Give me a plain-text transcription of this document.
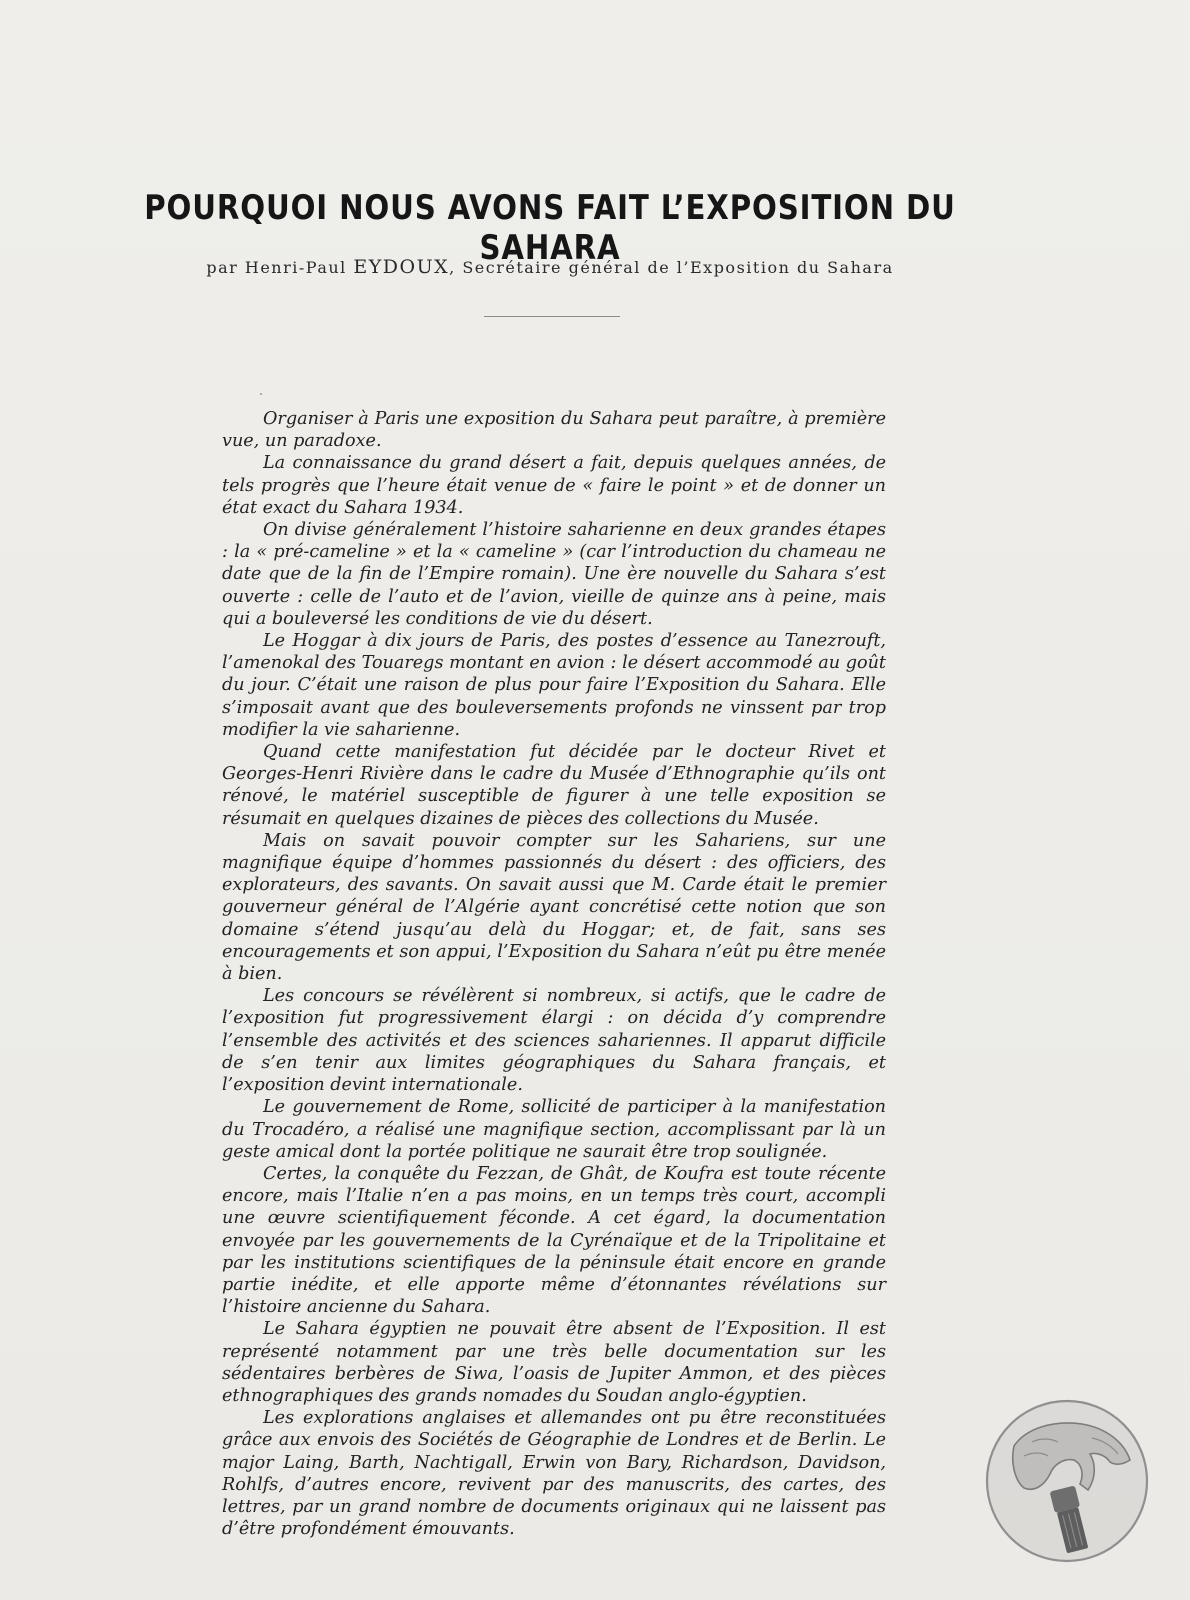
POURQUOI NOUS AVONS FAIT L’EXPOSITION DU SAHARA
par Henri-Paul EYDOUX, Secrétaire général de l’Exposition du Sahara

Organiser à Paris une exposition du Sahara peut paraître, à première vue, un paradoxe.

La connaissance du grand désert a fait, depuis quelques années, de tels progrès que l’heure était venue de « faire le point » et de donner un état exact du Sahara 1934.

On divise généralement l’histoire saharienne en deux grandes étapes : la « pré-cameline » et la « cameline » (car l’introduction du chameau ne date que de la fin de l’Empire romain). Une ère nouvelle du Sahara s’est ouverte : celle de l’auto et de l’avion, vieille de quinze ans à peine, mais qui a bouleversé les conditions de vie du désert.

Le Hoggar à dix jours de Paris, des postes d’essence au Tanezrouft, l’amenokal des Touaregs montant en avion : le désert accommodé au goût du jour. C’était une raison de plus pour faire l’Exposition du Sahara. Elle s’imposait avant que des bouleversements profonds ne vinssent par trop modifier la vie saharienne.

Quand cette manifestation fut décidée par le docteur Rivet et Georges-Henri Rivière dans le cadre du Musée d’Ethnographie qu’ils ont rénové, le matériel susceptible de figurer à une telle exposition se résumait en quelques dizaines de pièces des collections du Musée.

Mais on savait pouvoir compter sur les Sahariens, sur une magnifique équipe d’hommes passionnés du désert : des officiers, des explorateurs, des savants. On savait aussi que M. Carde était le premier gouverneur général de l’Algérie ayant concrétisé cette notion que son domaine s’étend jusqu’au delà du Hoggar; et, de fait, sans ses encouragements et son appui, l’Exposition du Sahara n’eût pu être menée à bien.

Les concours se révélèrent si nombreux, si actifs, que le cadre de l’exposition fut progressivement élargi : on décida d’y comprendre l’ensemble des activités et des sciences sahariennes. Il apparut difficile de s’en tenir aux limites géographiques du Sahara français, et l’exposition devint internationale.

Le gouvernement de Rome, sollicité de participer à la manifestation du Trocadéro, a réalisé une magnifique section, accomplissant par là un geste amical dont la portée politique ne saurait être trop soulignée.

Certes, la conquête du Fezzan, de Ghât, de Koufra est toute récente encore, mais l’Italie n’en a pas moins, en un temps très court, accompli une œuvre scientifiquement féconde. A cet égard, la documentation envoyée par les gouvernements de la Cyrénaïque et de la Tripolitaine et par les institutions scientifiques de la péninsule était encore en grande partie inédite, et elle apporte même d’étonnantes révélations sur l’histoire ancienne du Sahara.

Le Sahara égyptien ne pouvait être absent de l’Exposition. Il est représenté notamment par une très belle documentation sur les sédentaires berbères de Siwa, l’oasis de Jupiter Ammon, et des pièces ethnographiques des grands nomades du Soudan anglo-égyptien.

Les explorations anglaises et allemandes ont pu être reconstituées grâce aux envois des Sociétés de Géographie de Londres et de Berlin. Le major Laing, Barth, Nachtigall, Erwin von Bary, Richardson, Davidson, Rohlfs, d’autres encore, revivent par des manuscrits, des cartes, des lettres, par un grand nombre de documents originaux qui ne laissent pas d’être profondément émouvants.
